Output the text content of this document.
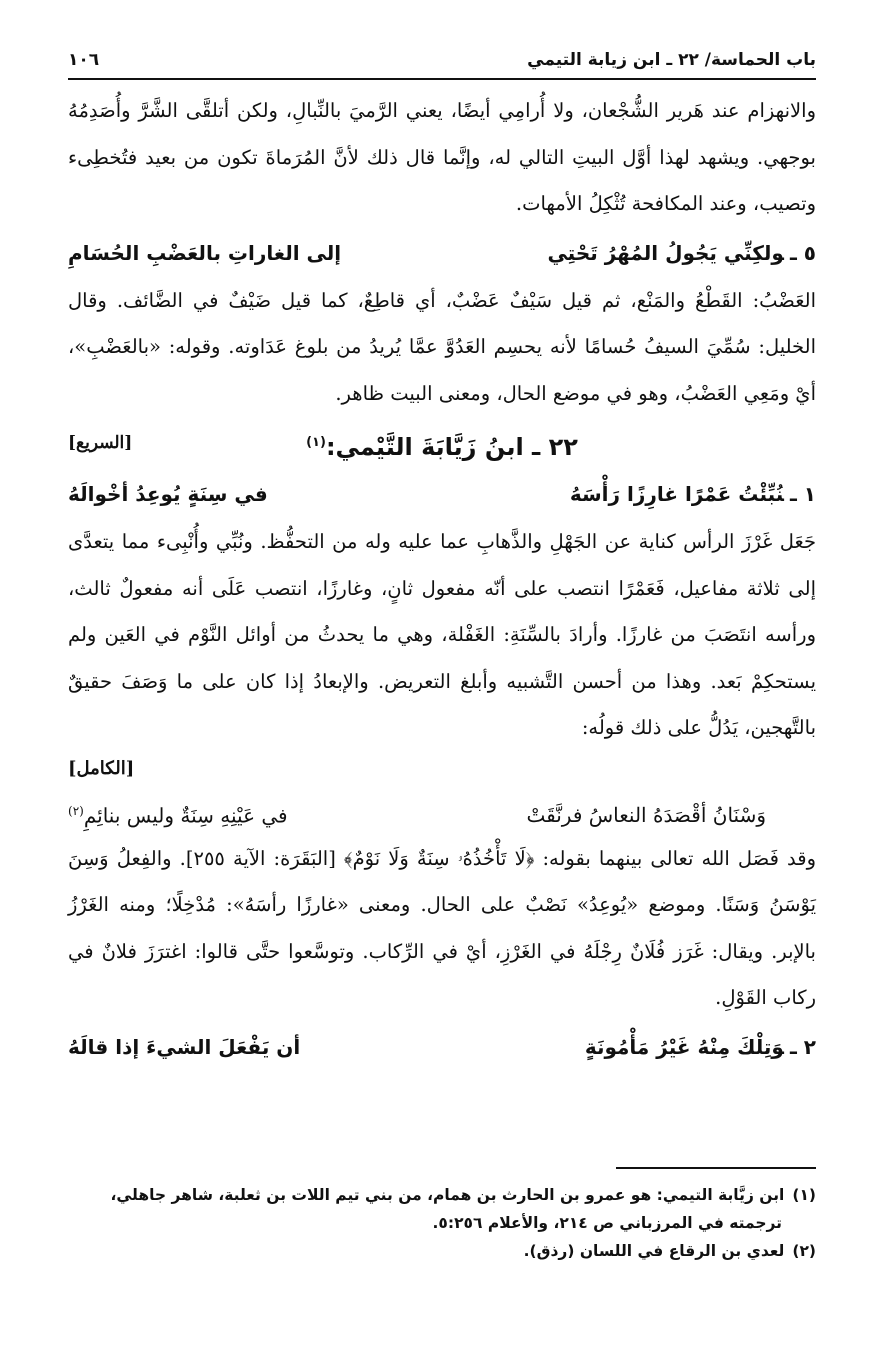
باب الحماسة/ ٢٢ ـ ابن زيابة التيمي
١٠٦

والانهزام عند هَرير الشُّجْعان، ولا أُرامِي أيضًا، يعني الرَّميَ بالنِّبالِ، ولكن أتلقَّى الشَّرَّ وأُصَدِمُهُ بوجهي. ويشهد لهذا أوَّل البيتِ التالي له، وإنَّما قال ذلك لأنَّ المُرَماةَ تكون من بعيد فتُخطِىء وتصيب، وعند المكافحة تُثْكِلُ الأمهات.

٥ ـولكِنِّي يَجُولُ المُهْرُ تَحْتِي
إلى الغاراتِ بالعَضْبِ الحُسَامِ

العَضْبُ: القَطْعُ والمَنْع، ثم قيل سَيْفٌ عَضْبٌ، أي قاطِعٌ، كما قيل ضَيْفٌ في الضَّائف. وقال الخليل: سُمِّيَ السيفُ حُسامًا لأنه يحسِم العَدُوَّ عمَّا يُريدُ من بلوغ عَدَاوته. وقوله: «بالعَضْبِ»، أيْ ومَعِي العَضْبُ، وهو في موضع الحال، ومعنى البيت ظاهر.

٢٢ ـ ابنُ زَيَّابَةَ التَّيْمي:$^{(١)}$
[السريع]
١ ـنُبِّئْتُ عَمْرًا غارِزًا رَأْسَهُ
في سِنَةٍ يُوعِدُ أخْوالَهُ

جَعَل غَرْزَ الرأس كناية عن الجَهْلِ والذَّهابِ عما عليه وله من التحفُّظ. ونُبِّي وأُنْبِىء مما يتعدَّى إلى ثلاثة مفاعيل، فَعَمْرًا انتصب على أنّه مفعول ثانٍ، وغارزًا، انتصب عَلَى أنه مفعولٌ ثالث، ورأسه انتَصَبَ من غارزًا. وأرادَ بالسِّنَةِ: الغَفْلة، وهي ما يحدثُ من أوائل النَّوْم في العَين ولم يستحكِمْ بَعد. وهذا من أحسن التَّشبيه وأبلغ التعريض. والإبعادُ إذا كان على ما وَصَفَ حقيقٌ بالتَّهجين، يَدُلُّ على ذلك قولُه:

[الكامل]
وَسْنَانُ أقْصَدَهُ النعاسُ فرنَّقَتْ
في عَيْنِهِ سِنَةٌ وليس بنائِمِ$^{(٢)}$

وقد فَصَل الله تعالى بينهما بقوله: ﴿لَا تَأْخُذُهُۥ سِنَةٌ وَلَا نَوْمٌ﴾ [البَقَرَة: الآية ٢٥٥]. والفِعلُ وَسِنَ يَوْسَنُ وَسَنًا. وموضع «يُوعِدُ» نَصْبٌ على الحال. ومعنى «غارزًا رأسَهُ»: مُدْخِلًا؛ ومنه الغَرْزُ بالإبر. ويقال: غَرَز فُلَانٌ رِجْلَهُ في الغَرْزِ، أيْ في الرِّكاب. وتوسَّعوا حتَّى قالوا: اغترَزَ فلانٌ في ركاب القَوْلِ.

٢ ـوَتِلْكَ مِنْهُ غَيْرُ مَأْمُونَةٍ
أن يَفْعَلَ الشيءَ إذا قالَهُ

(١)ابن زيَّابة التيمي: هو عمرو بن الحارث بن همام، من بني تيم اللات بن ثعلبة، شاهر جاهلي،
ترجمته في المرزباني ص ٢١٤، والأعلام ٥:٢٥٦.

(٢)لعدي بن الرقاع في اللسان (رذق).
